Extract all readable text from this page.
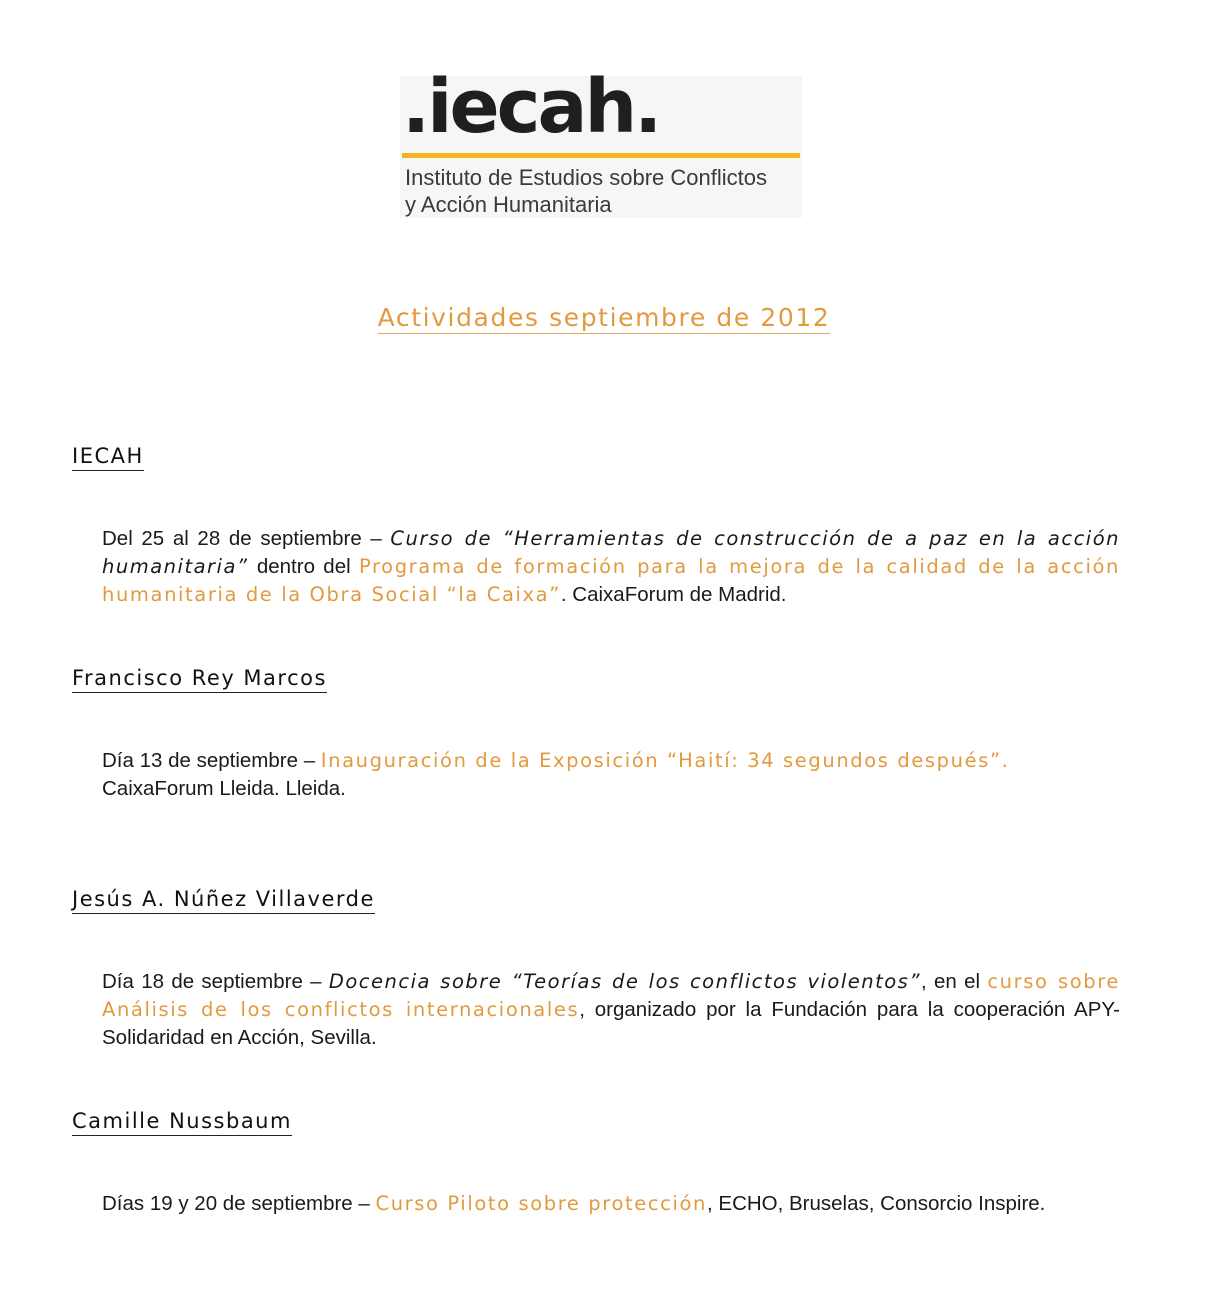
.iecah.
Instituto de Estudios sobre Conflictos
y Acción Humanitaria
Actividades septiembre de 2012
IECAH

Del 25 al 28 de septiembre – Curso de “Herramientas de construcción de a paz en la acción humanitaria” dentro del Programa de formación para la mejora de la calidad de la acción humanitaria de la Obra Social “la Caixa”. CaixaForum de Madrid.

Francisco Rey Marcos

Día 13 de septiembre – Inauguración de la Exposición “Haití: 34 segundos después”.
CaixaForum Lleida. Lleida.

Jesús A. Núñez Villaverde

Día 18 de septiembre – Docencia sobre “Teorías de los conflictos violentos”, en el curso sobre Análisis de los conflictos internacionales, organizado por la Fundación para la cooperación APY-Solidaridad en Acción, Sevilla.

Camille Nussbaum

Días 19 y 20 de septiembre – Curso Piloto sobre protección, ECHO, Bruselas, Consorcio Inspire.
